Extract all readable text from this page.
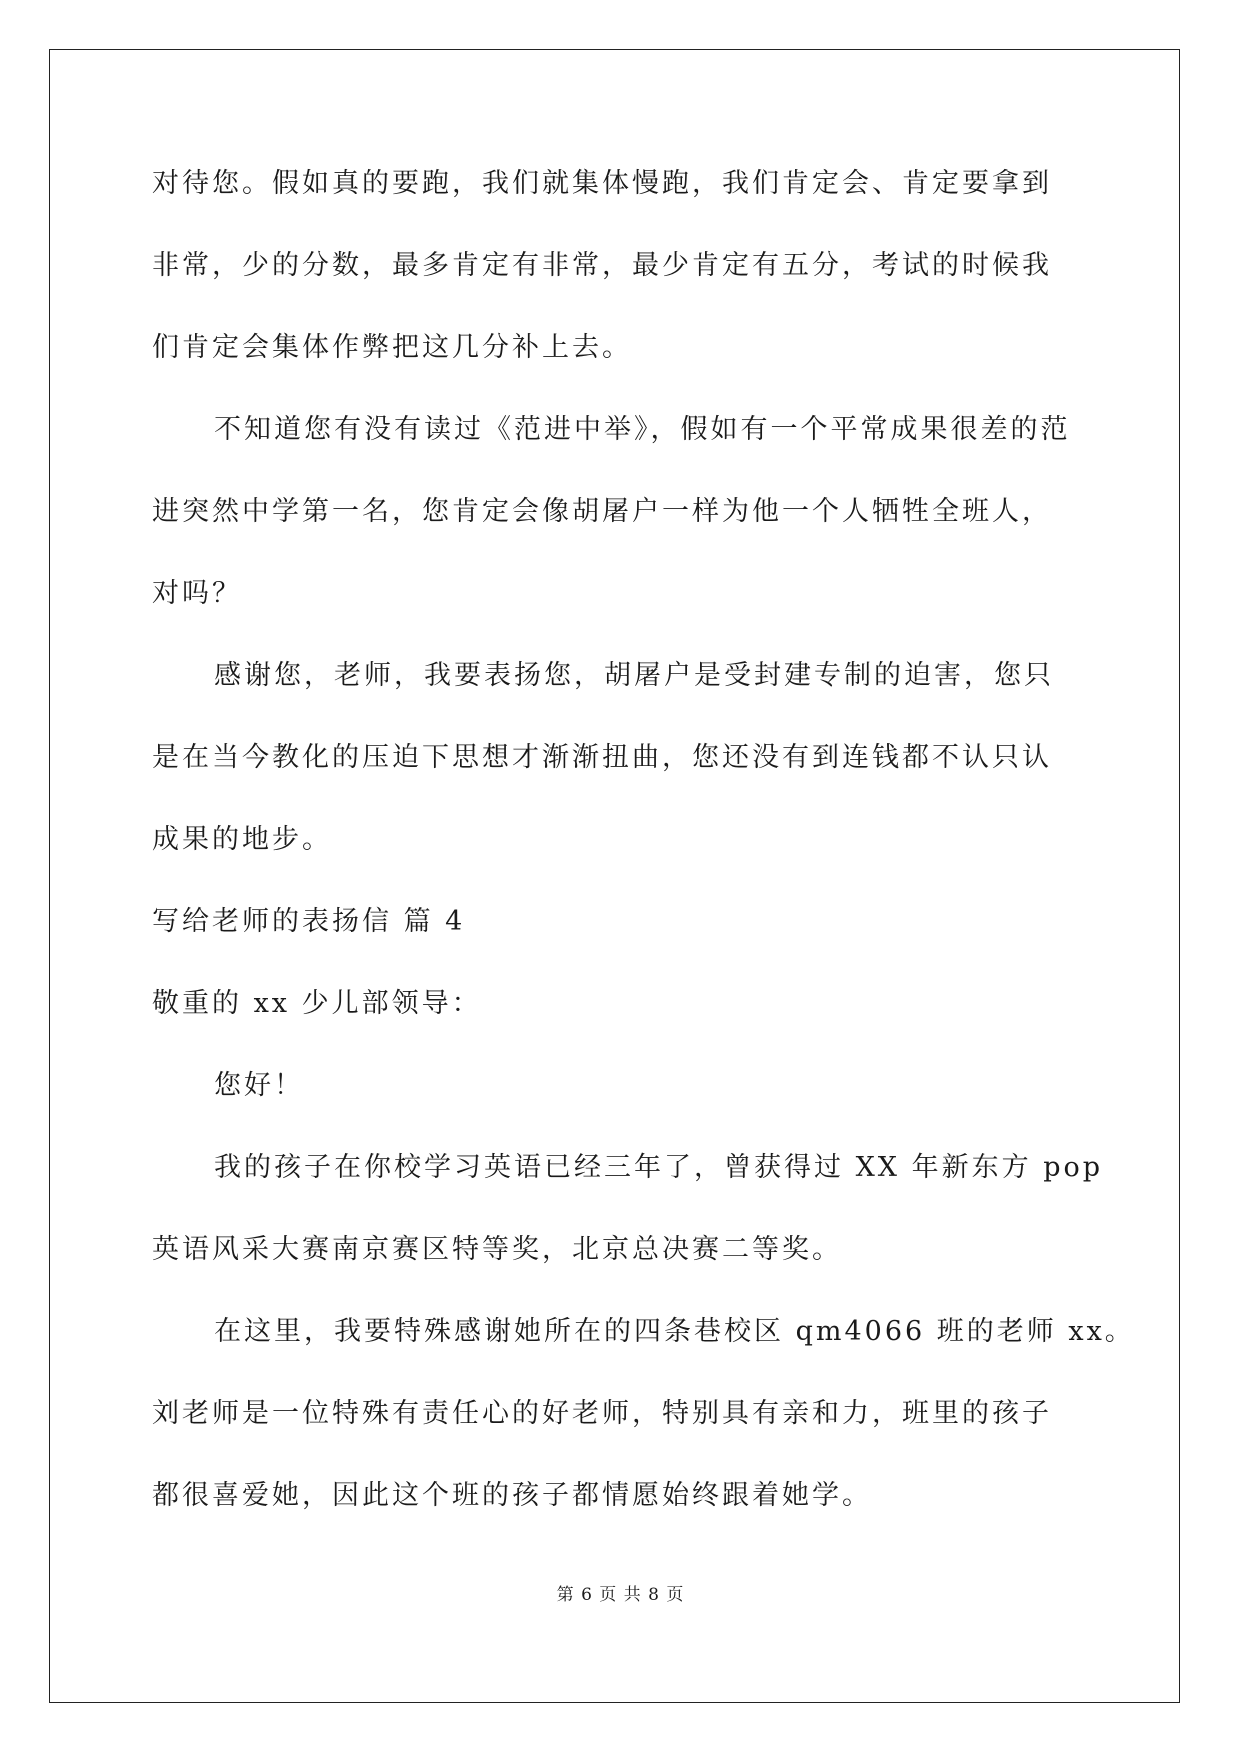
对待您。假如真的要跑，我们就集体慢跑，我们肯定会、肯定要拿到
非常，少的分数，最多肯定有非常，最少肯定有五分，考试的时候我
们肯定会集体作弊把这几分补上去。
不知道您有没有读过《范进中举》，假如有一个平常成果很差的范
进突然中学第一名，您肯定会像胡屠户一样为他一个人牺牲全班人，
对吗？
感谢您，老师，我要表扬您，胡屠户是受封建专制的迫害，您只
是在当今教化的压迫下思想才渐渐扭曲，您还没有到连钱都不认只认
成果的地步。
写给老师的表扬信 篇 4
敬重的 xx 少儿部领导：
您好！
我的孩子在你校学习英语已经三年了，曾获得过 XX 年新东方 pop
英语风采大赛南京赛区特等奖，北京总决赛二等奖。
在这里，我要特殊感谢她所在的四条巷校区 qm4066 班的老师 xx。
刘老师是一位特殊有责任心的好老师，特别具有亲和力，班里的孩子
都很喜爱她，因此这个班的孩子都情愿始终跟着她学。
第 6 页 共 8 页
